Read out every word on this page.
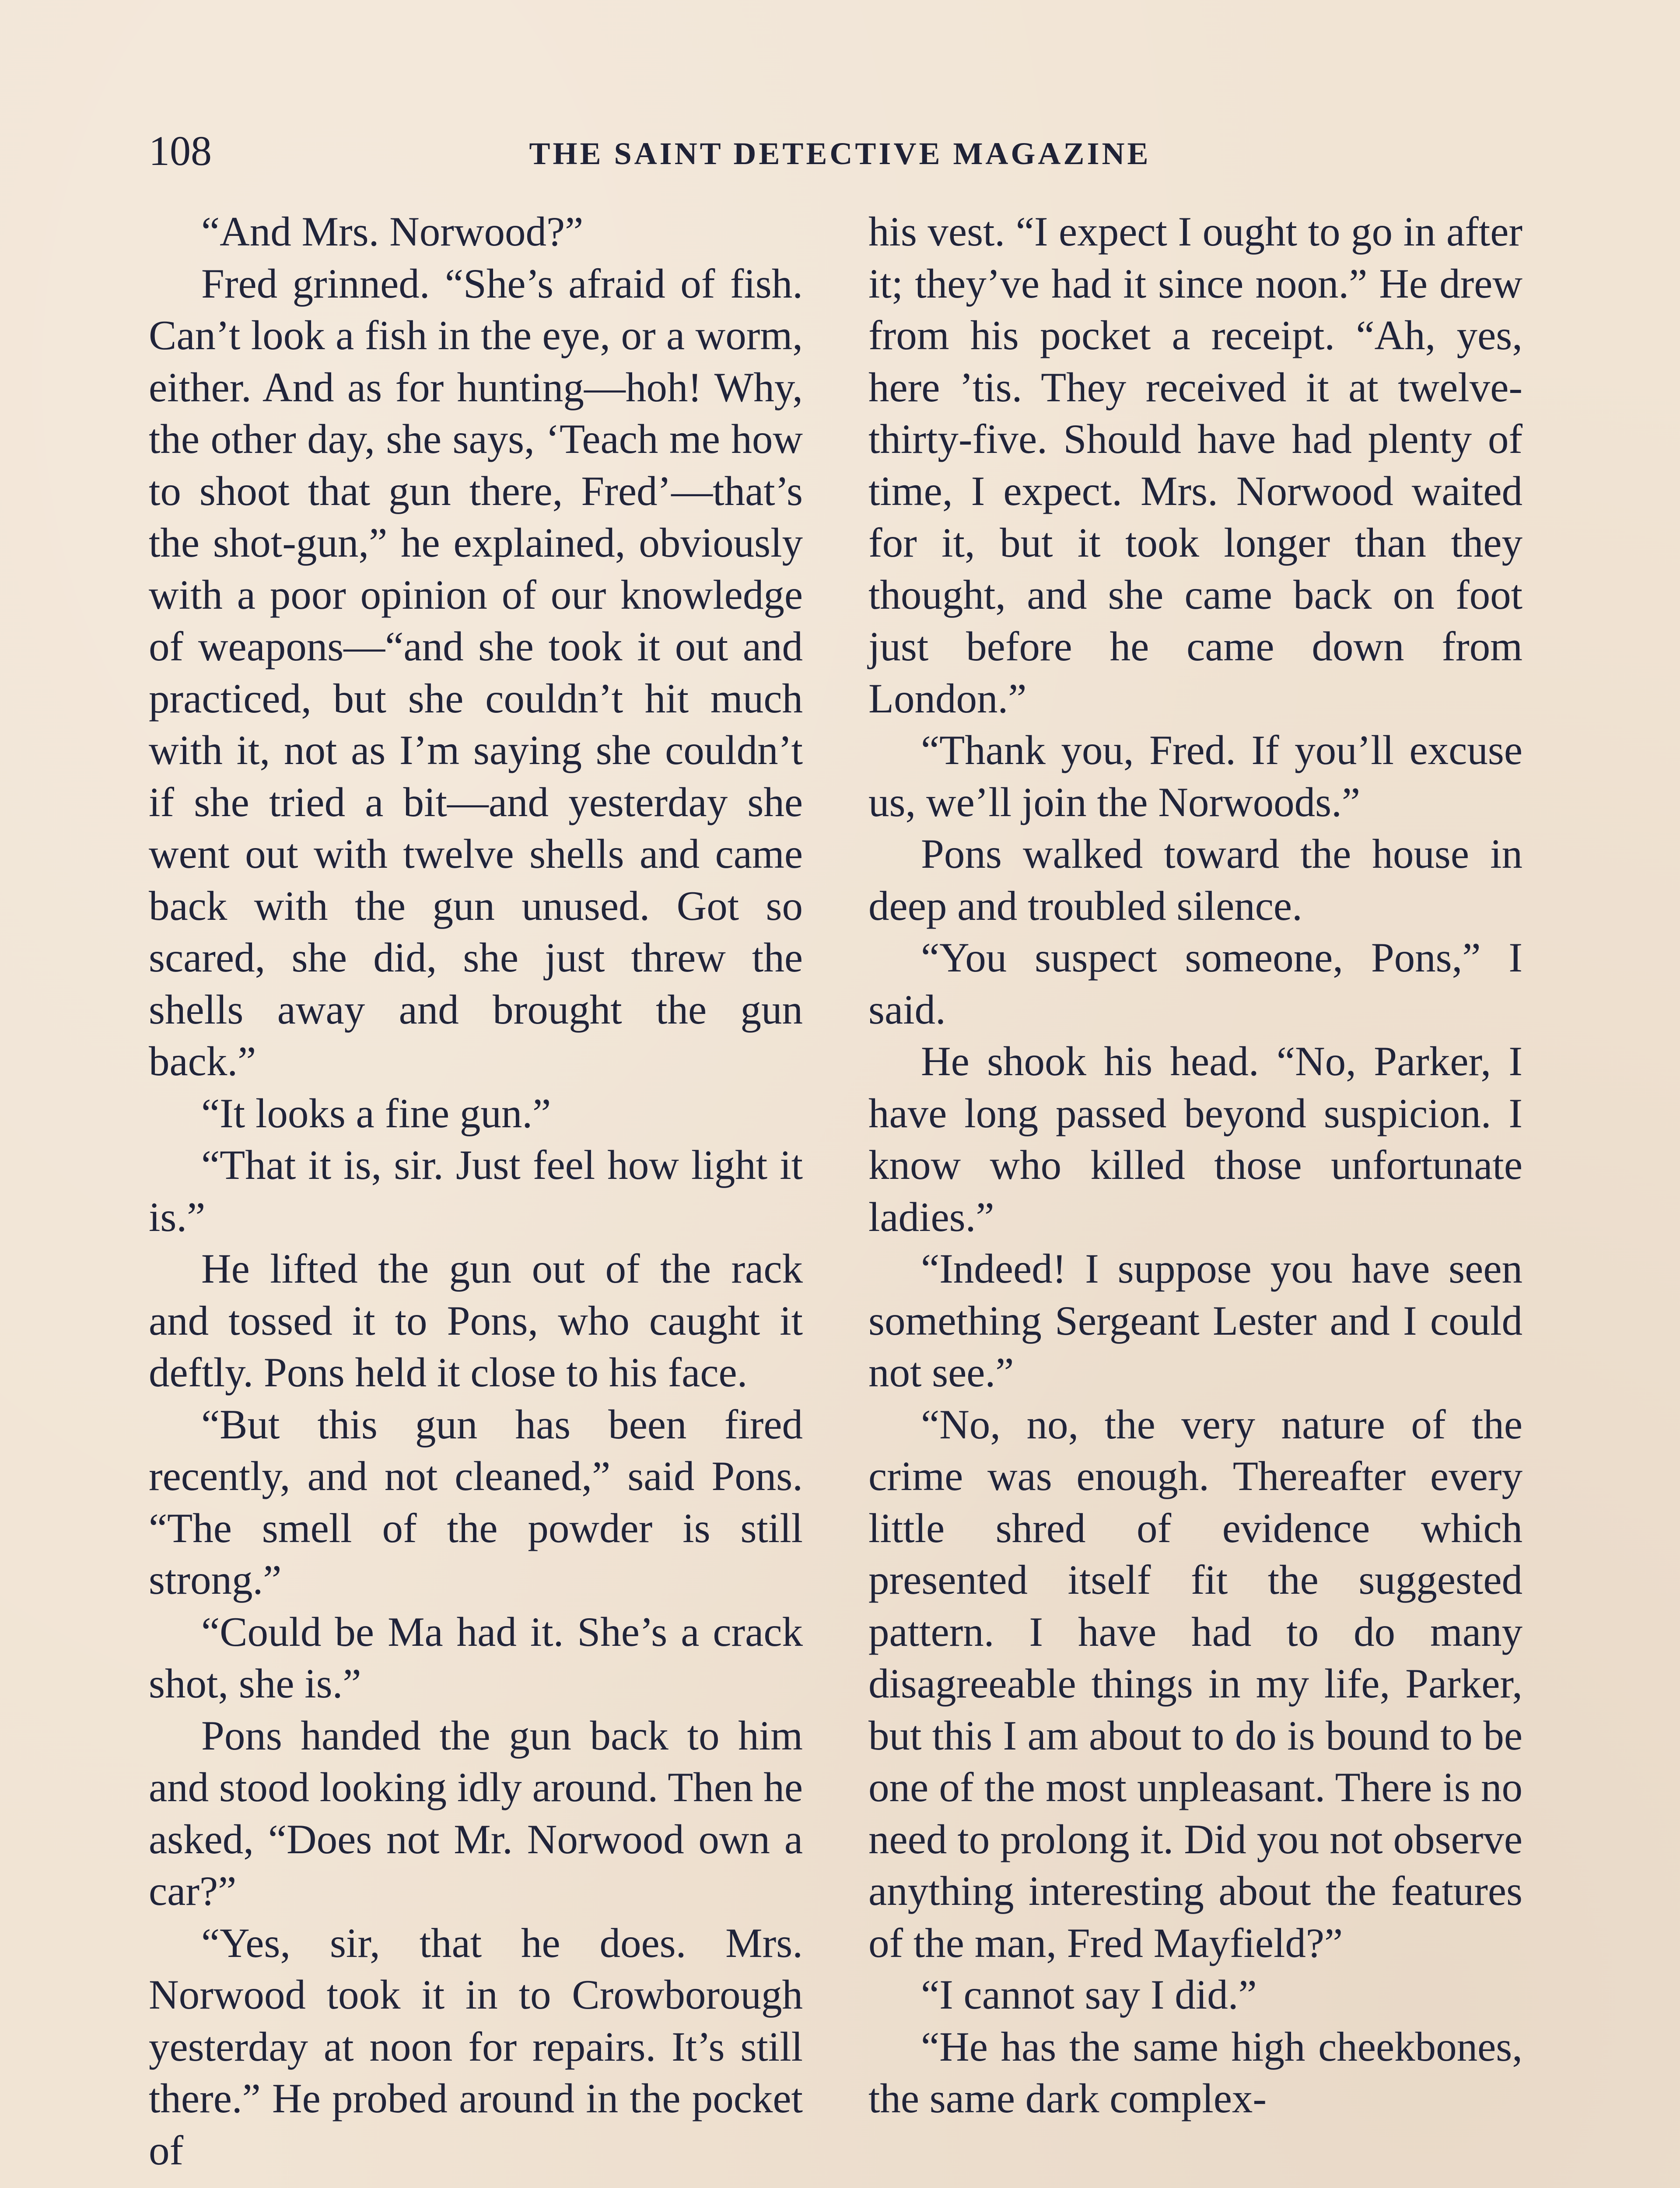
108	THE SAINT DETECTIVE MAGAZINE

“And Mrs. Norwood?”

Fred grinned. “She’s afraid of fish. Can’t look a fish in the eye, or a worm, either. And as for hunting—hoh! Why, the other day, she says, ‘Teach me how to shoot that gun there, Fred’—that’s the shot-gun,” he explained, obviously with a poor opinion of our knowledge of weapons—“and she took it out and practiced, but she couldn’t hit much with it, not as I’m saying she couldn’t if she tried a bit—and yesterday she went out with twelve shells and came back with the gun unused. Got so scared, she did, she just threw the shells away and brought the gun back.”

“It looks a fine gun.”

“That it is, sir. Just feel how light it is.”

He lifted the gun out of the rack and tossed it to Pons, who caught it deftly. Pons held it close to his face.

“But this gun has been fired recently, and not cleaned,” said Pons. “The smell of the powder is still strong.”

“Could be Ma had it. She’s a crack shot, she is.”

Pons handed the gun back to him and stood looking idly around. Then he asked, “Does not Mr. Norwood own a car?”

“Yes, sir, that he does. Mrs. Norwood took it in to Crowborough yesterday at noon for repairs. It’s still there.” He probed around in the pocket of

his vest. “I expect I ought to go in after it; they’ve had it since noon.” He drew from his pocket a receipt. “Ah, yes, here ’tis. They received it at twelve-thirty-five. Should have had plenty of time, I expect. Mrs. Norwood waited for it, but it took longer than they thought, and she came back on foot just before he came down from London.”

“Thank you, Fred. If you’ll excuse us, we’ll join the Norwoods.”

Pons walked toward the house in deep and troubled silence.

“You suspect someone, Pons,” I said.

He shook his head. “No, Parker, I have long passed beyond suspicion. I know who killed those unfortunate ladies.”

“Indeed! I suppose you have seen something Sergeant Lester and I could not see.”

“No, no, the very nature of the crime was enough. Thereafter every little shred of evidence which presented itself fit the suggested pattern. I have had to do many disagreeable things in my life, Parker, but this I am about to do is bound to be one of the most unpleasant. There is no need to prolong it. Did you not observe anything interesting about the features of the man, Fred Mayfield?”

“I cannot say I did.”

“He has the same high cheekbones, the same dark complex-
